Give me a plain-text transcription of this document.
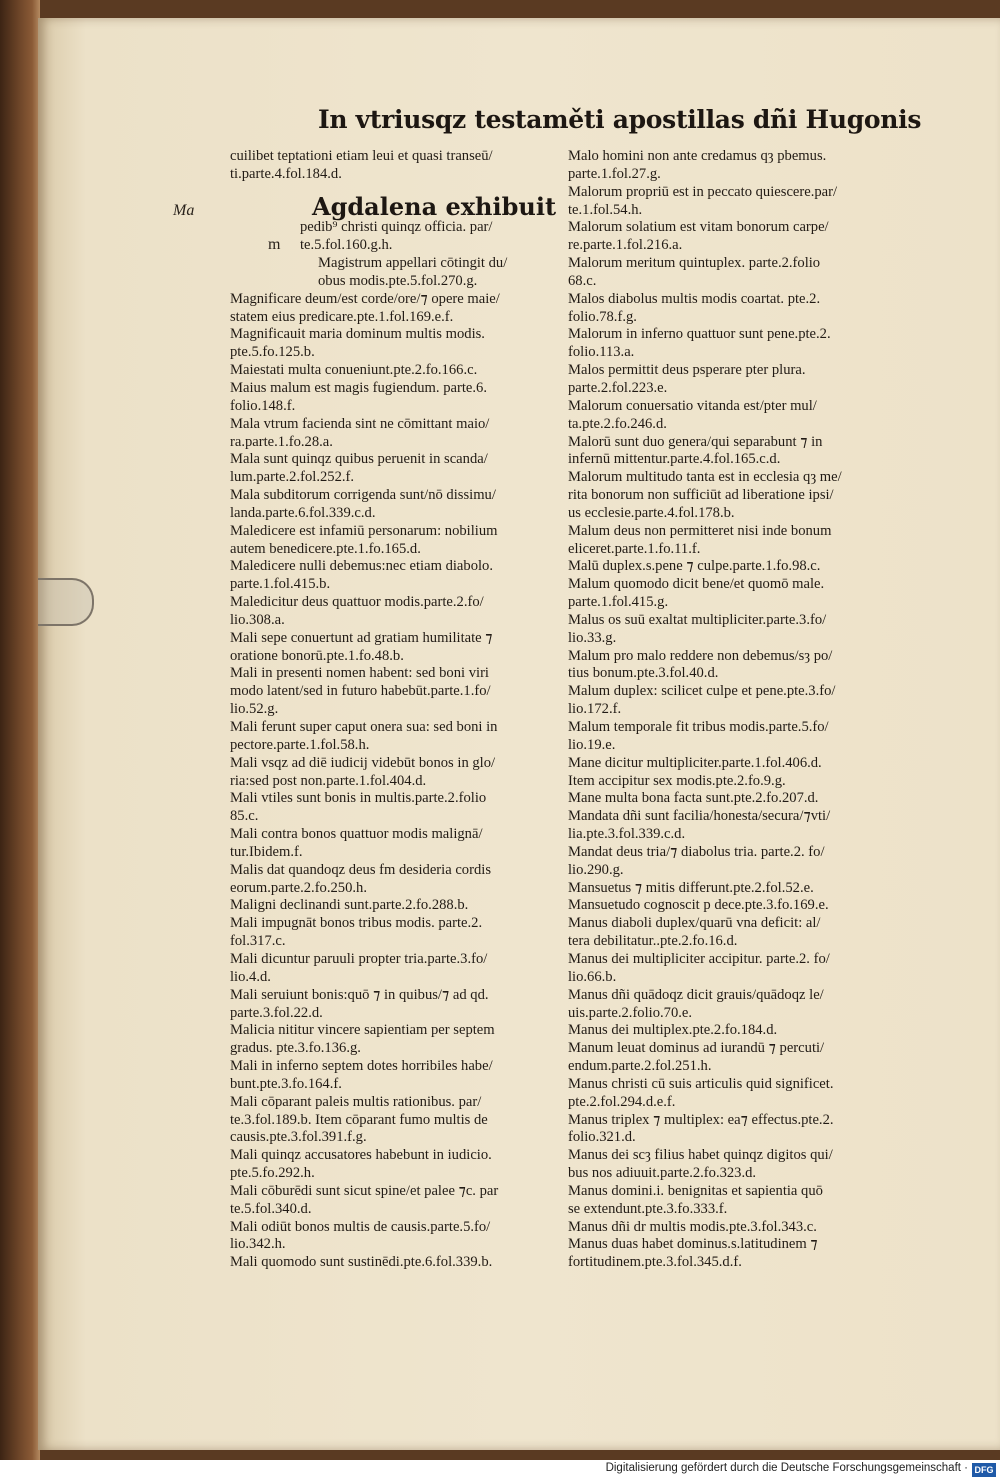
In vtriusqz testaměti apostillas dñi Hugonis
Ma
m
Agdalena exhibuit
cuilibet teptationi etiam leui et quasi transeū/
ti.parte.4.fol.184.d.
pedib⁹ christi quinqz officia. par/
te.5.fol.160.g.h.
Magistrum appellari cōtingit du/
obus modis.pte.5.fol.270.g.
Magnificare deum/est corde/ore/⁊ opere maie/
statem eius predicare.pte.1.fol.169.e.f.
Magnificauit maria dominum multis modis.
pte.5.fo.125.b.
Maiestati multa conueniunt.pte.2.fo.166.c.
Maius malum est magis fugiendum. parte.6.
folio.148.f.
Mala vtrum facienda sint ne cōmittant maio/
ra.parte.1.fo.28.a.
Mala sunt quinqz quibus peruenit in scanda/
lum.parte.2.fol.252.f.
Mala subditorum corrigenda sunt/nō dissimu/
landa.parte.6.fol.339.c.d.
Maledicere est infamiū personarum: nobilium
autem benedicere.pte.1.fo.165.d.
Maledicere nulli debemus:nec etiam diabolo.
parte.1.fol.415.b.
Maledicitur deus quattuor modis.parte.2.fo/
lio.308.a.
Mali sepe conuertunt ad gratiam humilitate ⁊
oratione bonorū.pte.1.fo.48.b.
Mali in presenti nomen habent: sed boni viri
modo latent/sed in futuro habebūt.parte.1.fo/
lio.52.g.
Mali ferunt super caput onera sua: sed boni in
pectore.parte.1.fol.58.h.
Mali vsqz ad diē iudicij videbūt bonos in glo/
ria:sed post non.parte.1.fol.404.d.
Mali vtiles sunt bonis in multis.parte.2.folio
85.c.
Mali contra bonos quattuor modis malignā/
tur.Ibidem.f.
Malis dat quandoqz deus fm desideria cordis
eorum.parte.2.fo.250.h.
Maligni declinandi sunt.parte.2.fo.288.b.
Mali impugnāt bonos tribus modis. parte.2.
fol.317.c.
Mali dicuntur paruuli propter tria.parte.3.fo/
lio.4.d.
Mali seruiunt bonis:quō ⁊ in quibus/⁊ ad qd.
parte.3.fol.22.d.
Malicia nititur vincere sapientiam per septem
gradus. pte.3.fo.136.g.
Mali in inferno septem dotes horribiles habe/
bunt.pte.3.fo.164.f.
Mali cōparant paleis multis rationibus. par/
te.3.fol.189.b. Item cōparant fumo multis de
causis.pte.3.fol.391.f.g.
Mali quinqz accusatores habebunt in iudicio.
pte.5.fo.292.h.
Mali cōburēdi sunt sicut spine/et palee ⁊c. par
te.5.fol.340.d.
Mali odiūt bonos multis de causis.parte.5.fo/
lio.342.h.
Mali quomodo sunt sustinēdi.pte.6.fol.339.b.
Malo homini non ante credamus qȝ pbemus.
parte.1.fol.27.g.
Malorum propriū est in peccato quiescere.par/
te.1.fol.54.h.
Malorum solatium est vitam bonorum carpe/
re.parte.1.fol.216.a.
Malorum meritum quintuplex. parte.2.folio
68.c.
Malos diabolus multis modis coartat. pte.2.
folio.78.f.g.
Malorum in inferno quattuor sunt pene.pte.2.
folio.113.a.
Malos permittit deus psperare pter plura.
parte.2.fol.223.e.
Malorum conuersatio vitanda est/pter mul/
ta.pte.2.fo.246.d.
Malorū sunt duo genera/qui separabunt ⁊ in
infernū mittentur.parte.4.fol.165.c.d.
Malorum multitudo tanta est in ecclesia qȝ me/
rita bonorum non sufficiūt ad liberatione ipsi/
us ecclesie.parte.4.fol.178.b.
Malum deus non permitteret nisi inde bonum
eliceret.parte.1.fo.11.f.
Malū duplex.s.pene ⁊ culpe.parte.1.fo.98.c.
Malum quomodo dicit bene/et quomō male.
parte.1.fol.415.g.
Malus os suū exaltat multipliciter.parte.3.fo/
lio.33.g.
Malum pro malo reddere non debemus/sȝ po/
tius bonum.pte.3.fol.40.d.
Malum duplex: scilicet culpe et pene.pte.3.fo/
lio.172.f.
Malum temporale fit tribus modis.parte.5.fo/
lio.19.e.
Mane dicitur multipliciter.parte.1.fol.406.d.
Item accipitur sex modis.pte.2.fo.9.g.
Mane multa bona facta sunt.pte.2.fo.207.d.
Mandata dñi sunt facilia/honesta/secura/⁊vti/
lia.pte.3.fol.339.c.d.
Mandat deus tria/⁊ diabolus tria. parte.2. fo/
lio.290.g.
Mansuetus ⁊ mitis differunt.pte.2.fol.52.e.
Mansuetudo cognoscit p dece.pte.3.fo.169.e.
Manus diaboli duplex/quarū vna deficit: al/
tera debilitatur..pte.2.fo.16.d.
Manus dei multipliciter accipitur. parte.2. fo/
lio.66.b.
Manus dñi quādoqz dicit grauis/quādoqz le/
uis.parte.2.folio.70.e.
Manus dei multiplex.pte.2.fo.184.d.
Manum leuat dominus ad iurandū ⁊ percuti/
endum.parte.2.fol.251.h.
Manus christi cū suis articulis quid significet.
pte.2.fol.294.d.e.f.
Manus triplex ⁊ multiplex: ea⁊ effectus.pte.2.
folio.321.d.
Manus dei scȝ filius habet quinqz digitos qui/
bus nos adiuuit.parte.2.fo.323.d.
Manus domini.i. benignitas et sapientia quō
se extendunt.pte.3.fo.333.f.
Manus dñi dr multis modis.pte.3.fol.343.c.
Manus duas habet dominus.s.latitudinem ⁊
fortitudinem.pte.3.fol.345.d.f.
Digitalisierung gefördert durch die Deutsche Forschungsgemeinschaft · DFG
